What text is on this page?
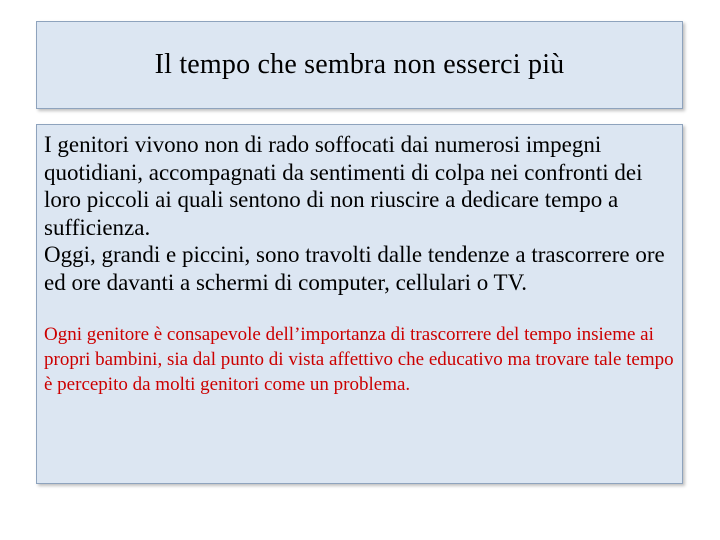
Il tempo che sembra non esserci più

I genitori vivono non di rado soffocati dai numerosi impegni quotidiani, accompagnati da sentimenti di colpa nei confronti dei loro piccoli ai quali sentono di non riuscire a dedicare tempo a sufficienza.

Oggi, grandi e piccini, sono travolti dalle tendenze a trascorrere ore ed ore davanti a schermi di computer, cellulari o TV.

Ogni genitore è consapevole dell’importanza di trascorrere del tempo insieme ai propri bambini, sia dal punto di vista affettivo che educativo ma trovare tale tempo è percepito da molti genitori come un problema.
